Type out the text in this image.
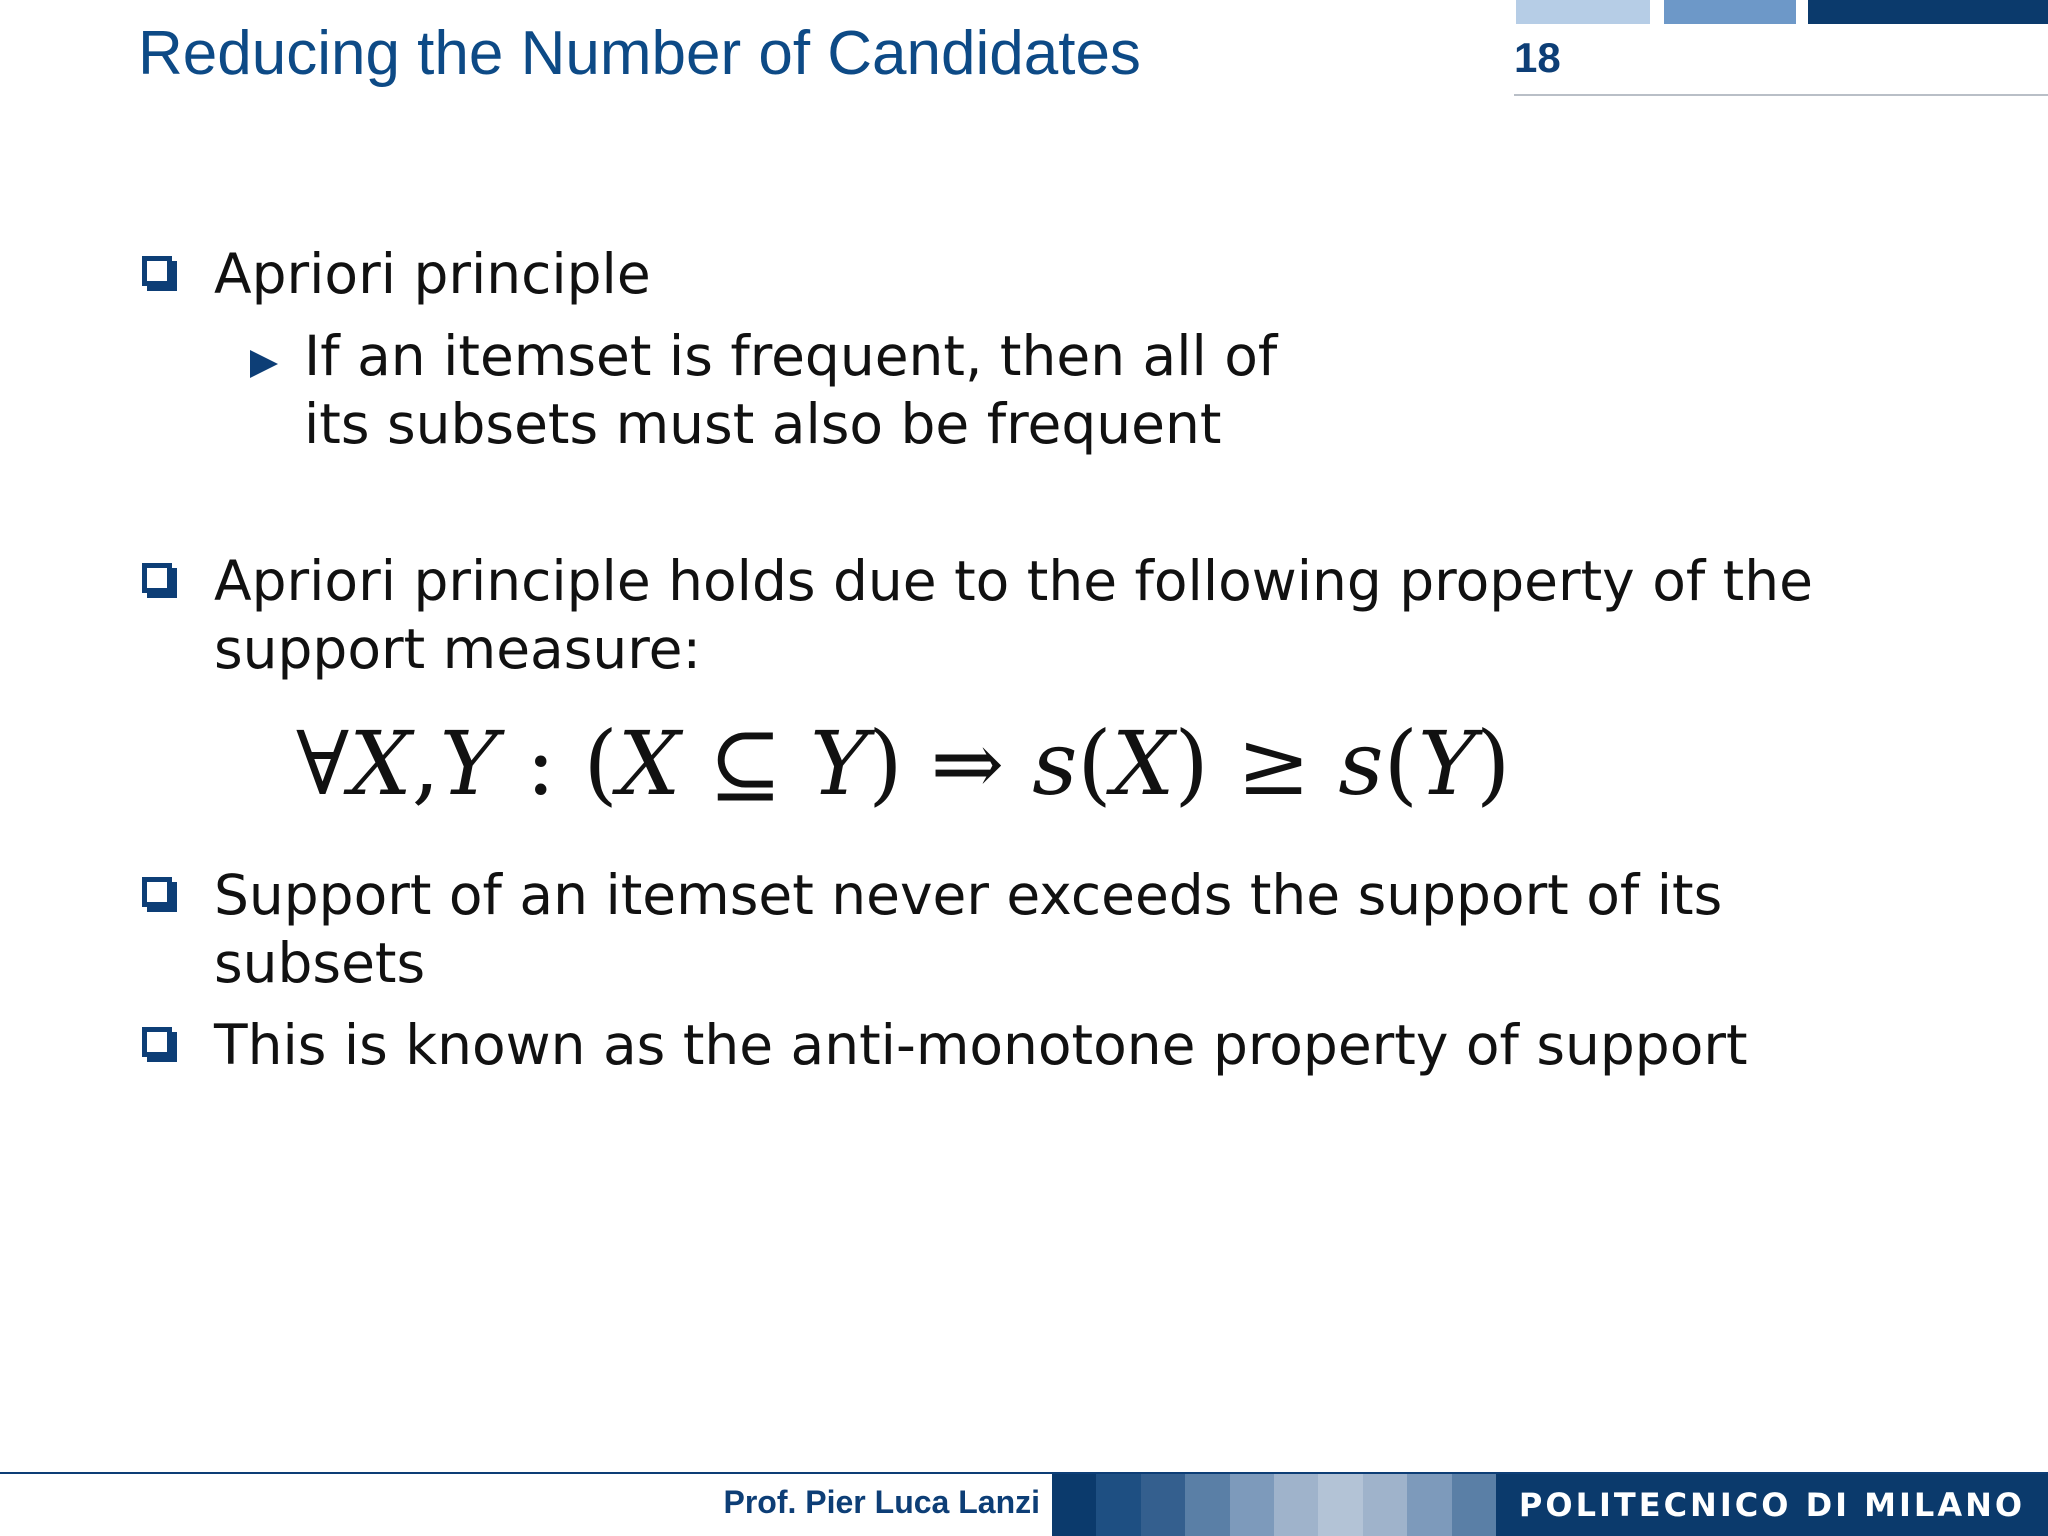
Reducing the Number of Candidates	18
Apriori principle
If an itemset is frequent, then all of
its subsets must also be frequent
Apriori principle holds due to the following property of the
support measure:
∀X,Y : (X ⊆ Y) ⇒ s(X) ≥ s(Y)
Support of an itemset never exceeds the support of its
subsets
This is known as the anti-monotone property of support
Prof. Pier Luca Lanzi	POLITECNICO DI MILANO
